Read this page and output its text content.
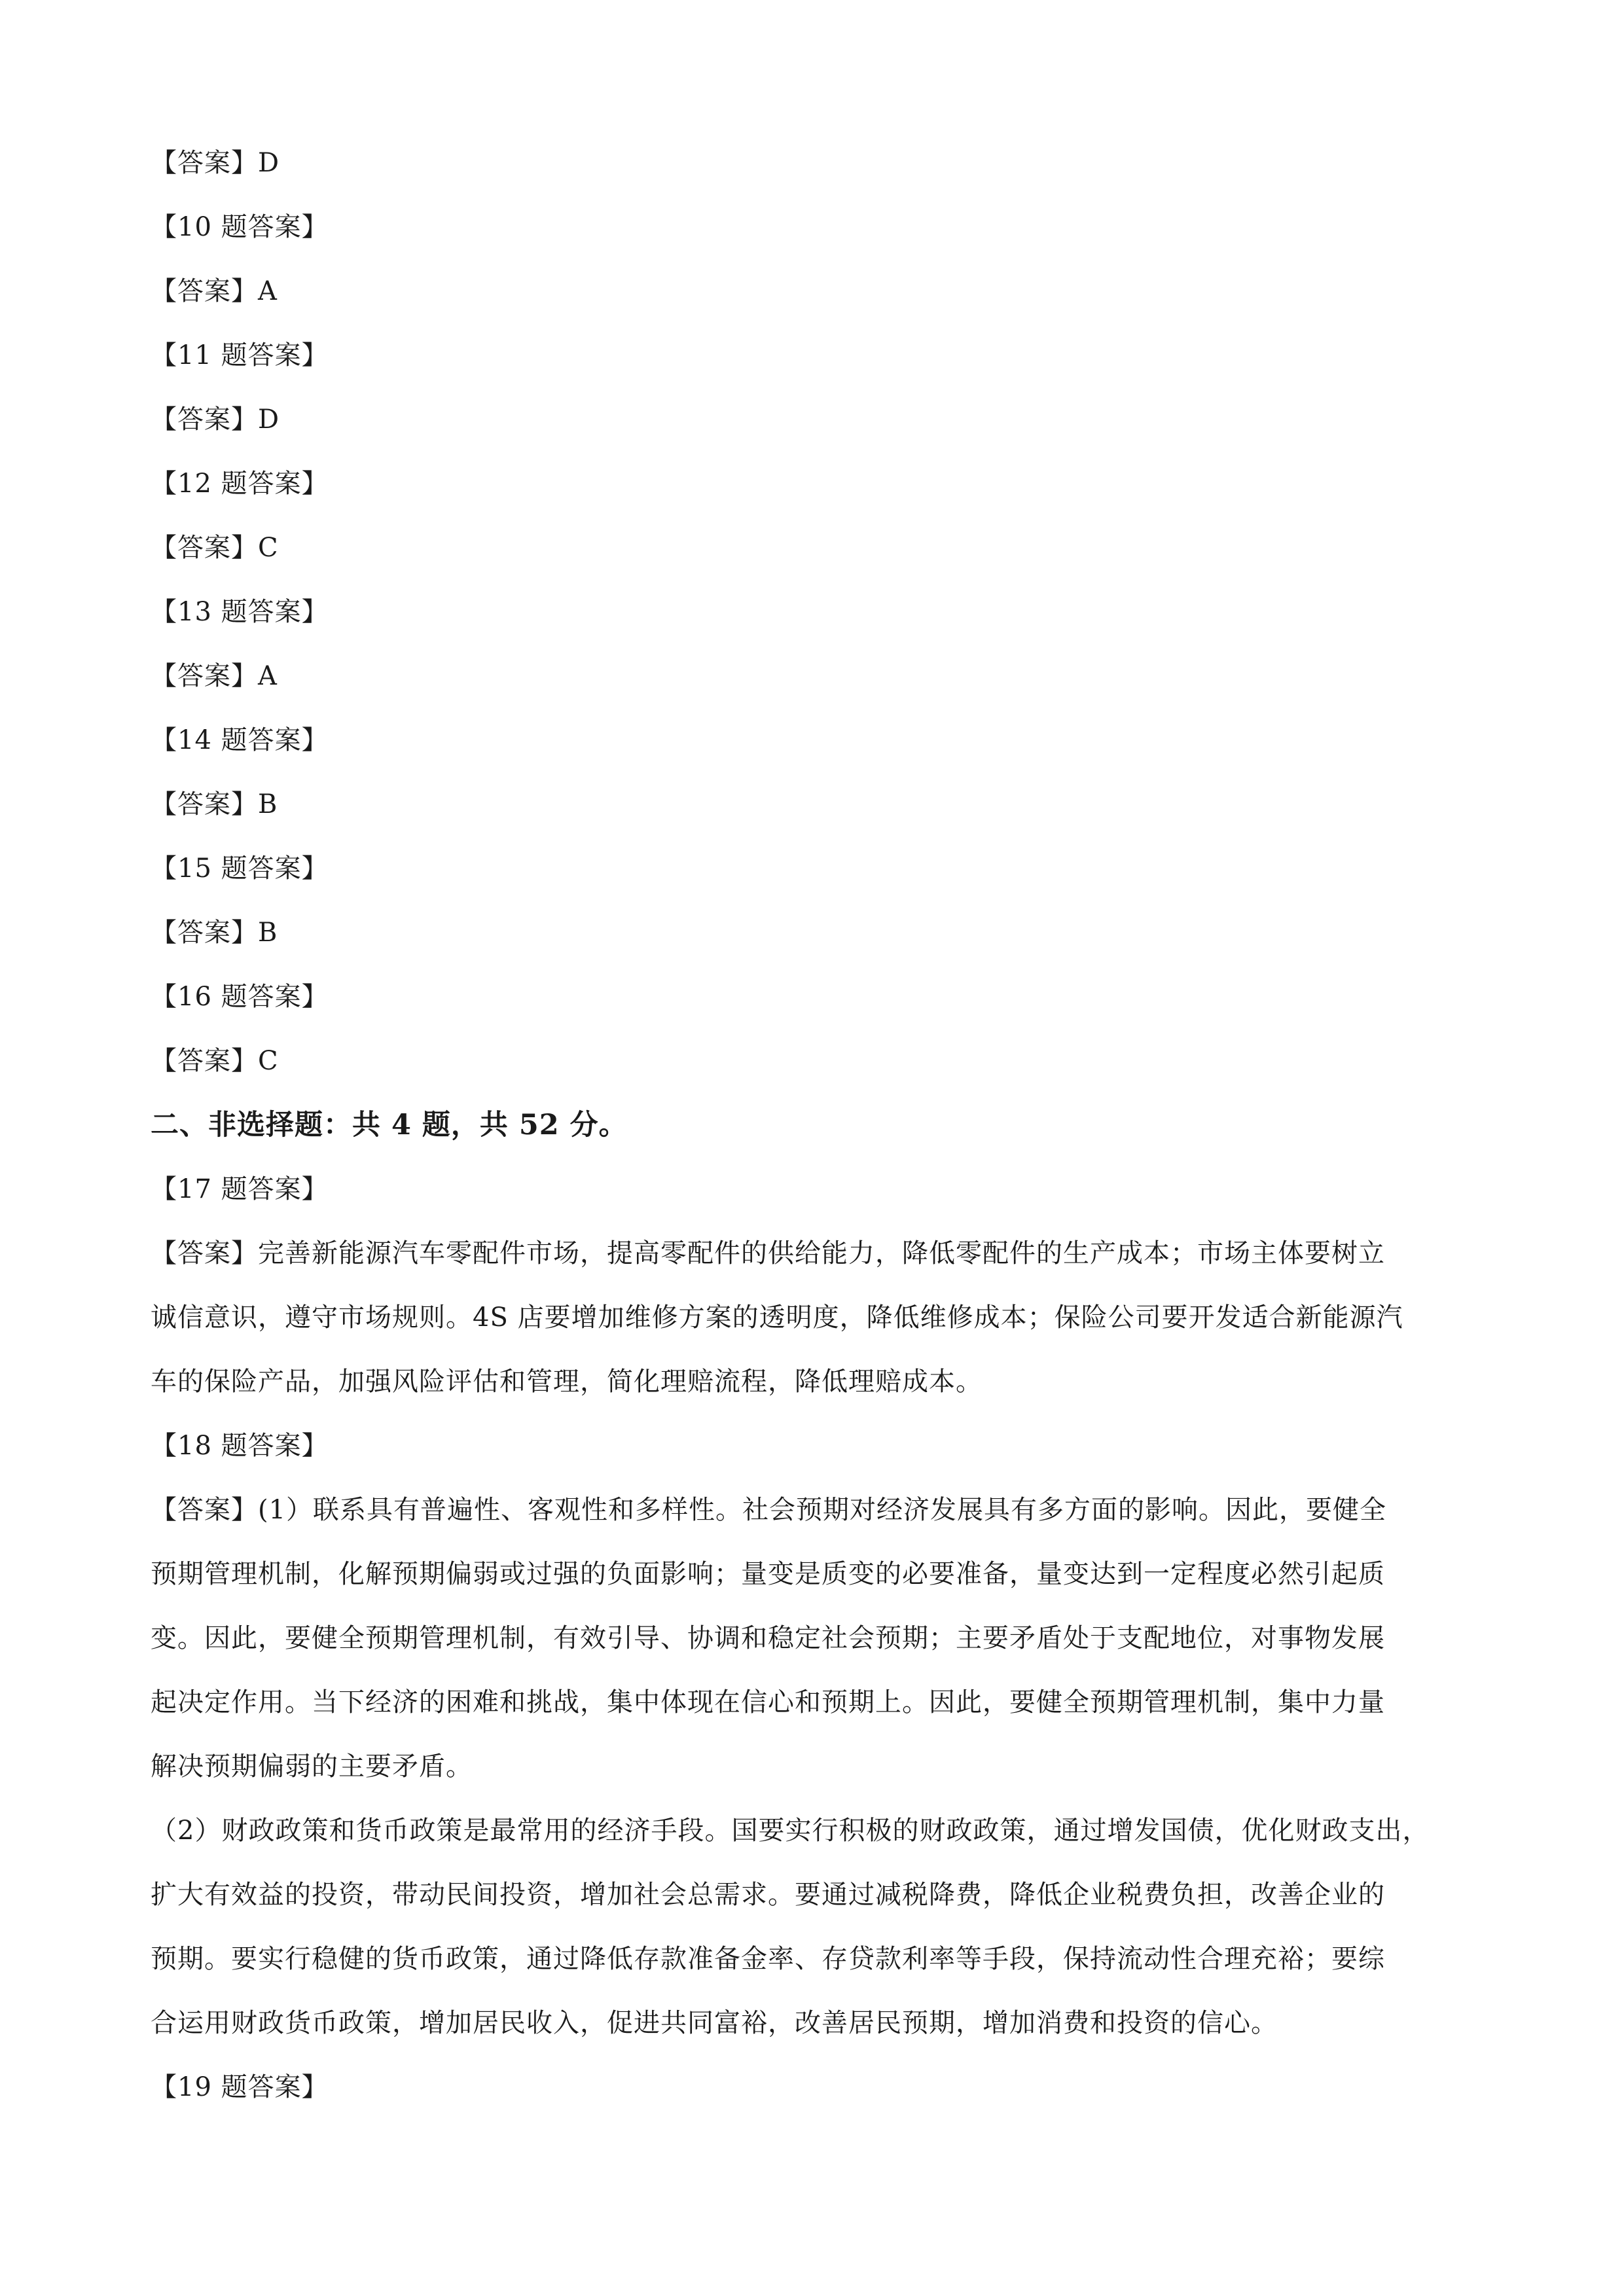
【答案】D
【10 题答案】
【答案】A
【11 题答案】
【答案】D
【12 题答案】
【答案】C
【13 题答案】
【答案】A
【14 题答案】
【答案】B
【15 题答案】
【答案】B
【16 题答案】
【答案】C
二、非选择题：共 4 题，共 52 分。
【17 题答案】
【答案】完善新能源汽车零配件市场，提高零配件的供给能力，降低零配件的生产成本；市场主体要树立
诚信意识，遵守市场规则。4S 店要增加维修方案的透明度，降低维修成本；保险公司要开发适合新能源汽
车的保险产品，加强风险评估和管理，简化理赔流程，降低理赔成本。
【18 题答案】
【答案】(1）联系具有普遍性、客观性和多样性。社会预期对经济发展具有多方面的影响。因此，要健全
预期管理机制，化解预期偏弱或过强的负面影响；量变是质变的必要准备，量变达到一定程度必然引起质
变。因此，要健全预期管理机制，有效引导、协调和稳定社会预期；主要矛盾处于支配地位，对事物发展
起决定作用。当下经济的困难和挑战，集中体现在信心和预期上。因此，要健全预期管理机制，集中力量
解决预期偏弱的主要矛盾。
（2）财政政策和货币政策是最常用的经济手段。国要实行积极的财政政策，通过增发国债，优化财政支出，
扩大有效益的投资，带动民间投资，增加社会总需求。要通过减税降费，降低企业税费负担，改善企业的
预期。要实行稳健的货币政策，通过降低存款准备金率、存贷款利率等手段，保持流动性合理充裕；要综
合运用财政货币政策，增加居民收入，促进共同富裕，改善居民预期，增加消费和投资的信心。
【19 题答案】
